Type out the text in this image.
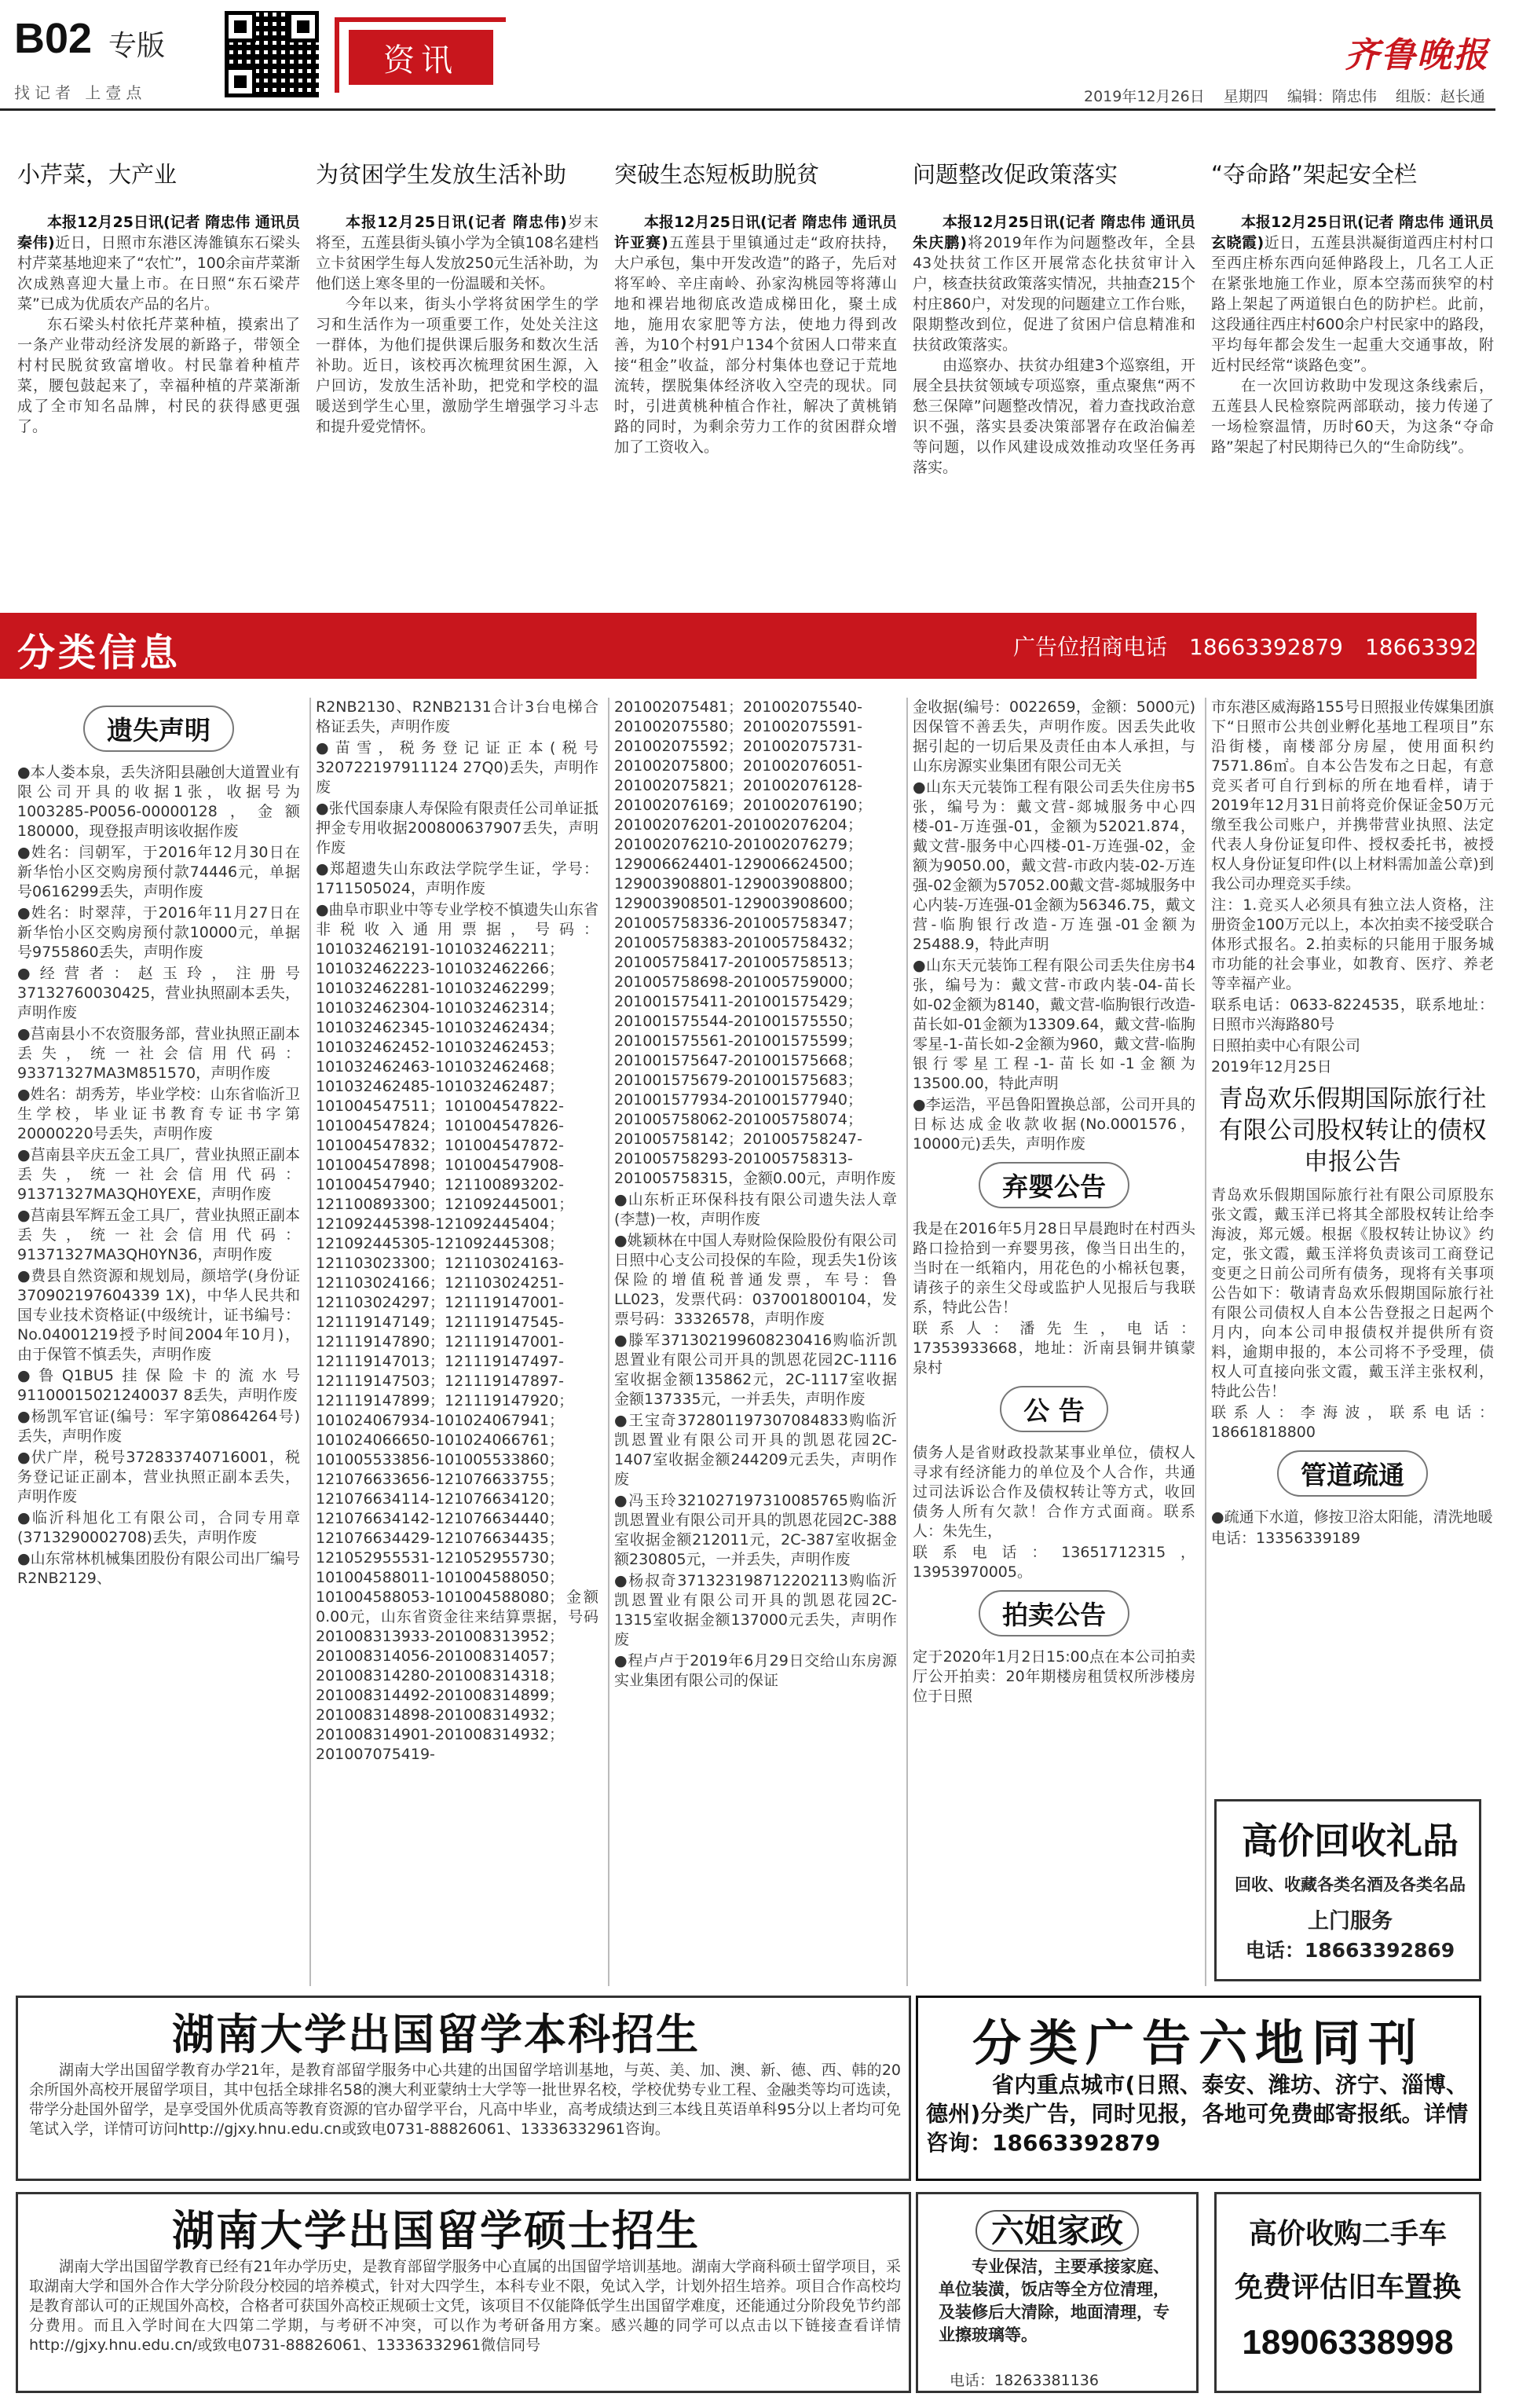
B02 专版	资讯
找记者 上壹点
齐鲁晚报
2019年12月26日 星期四 编辑：隋忠伟 组版：赵长通
小芹菜，大产业

本报12月25日讯(记者 隋忠伟 通讯员 秦伟)近日，日照市东港区涛雒镇东石梁头村芹菜基地迎来了“农忙”，100余亩芹菜渐次成熟喜迎大量上市。在日照“东石梁芹菜”已成为优质农产品的名片。

东石梁头村依托芹菜种植，摸索出了一条产业带动经济发展的新路子，带领全村村民脱贫致富增收。村民靠着种植芹菜，腰包鼓起来了，幸福种植的芹菜渐渐成了全市知名品牌，村民的获得感更强了。

为贫困学生发放生活补助

本报12月25日讯(记者 隋忠伟)岁末将至，五莲县街头镇小学为全镇108名建档立卡贫困学生每人发放250元生活补助，为他们送上寒冬里的一份温暖和关怀。

今年以来，街头小学将贫困学生的学习和生活作为一项重要工作，处处关注这一群体，为他们提供课后服务和数次生活补助。近日，该校再次梳理贫困生源，入户回访，发放生活补助，把党和学校的温暖送到学生心里，激励学生增强学习斗志和提升爱党情怀。

突破生态短板助脱贫

本报12月25日讯(记者 隋忠伟 通讯员 许亚赛)五莲县于里镇通过走“政府扶持，大户承包，集中开发改造”的路子，先后对将军岭、辛庄南岭、孙家沟桃园等将薄山地和裸岩地彻底改造成梯田化，聚土成地，施用农家肥等方法，使地力得到改善，为10个村91户134个贫困人口带来直接“租金”收益，部分村集体也登记于荒地流转，摆脱集体经济收入空壳的现状。同时，引进黄桃种植合作社，解决了黄桃销路的同时，为剩余劳力工作的贫困群众增加了工资收入。

问题整改促政策落实

本报12月25日讯(记者 隋忠伟 通讯员 朱庆鹏)将2019年作为问题整改年，全县43处扶贫工作区开展常态化扶贫审计入户，核查扶贫政策落实情况，共抽查215个村庄860户，对发现的问题建立工作台账，限期整改到位，促进了贫困户信息精准和扶贫政策落实。

由巡察办、扶贫办组建3个巡察组，开展全县扶贫领域专项巡察，重点聚焦“两不愁三保障”问题整改情况，着力查找政治意识不强，落实县委决策部署存在政治偏差等问题，以作风建设成效推动攻坚任务再落实。

“夺命路”架起安全栏

本报12月25日讯(记者 隋忠伟 通讯员 玄晓霞)近日，五莲县洪凝街道西庄村村口至西庄桥东西向延伸路段上，几名工人正在紧张地施工作业，原本空荡而狭窄的村路上架起了两道银白色的防护栏。此前，这段通往西庄村600余户村民家中的路段，平均每年都会发生一起重大交通事故，附近村民经常“谈路色变”。

在一次回访救助中发现这条线索后，五莲县人民检察院两部联动，接力传递了一场检察温情，历时60天，为这条“夺命路”架起了村民期待已久的“生命防线”。

分类信息	广告位招商电话 18663392879 18663392869
遗失声明

●本人娄本泉，丢失济阳县融创大道置业有限公司开具的收据1张，收据号为1003285-P0056-00000128，金额180000，现登报声明该收据作废

●姓名：闫朝军，于2016年12月30日在新华怡小区交购房预付款74446元，单据号0616299丢失，声明作废

●姓名：时翠萍，于2016年11月27日在新华怡小区交购房预付款10000元，单据号9755860丢失，声明作废

●经营者：赵玉玲，注册号37132760030425，营业执照副本丢失，声明作废

●莒南县小不农资服务部，营业执照正副本丢失，统一社会信用代码：93371327MA3M851570，声明作废

●姓名：胡秀芳，毕业学校：山东省临沂卫生学校，毕业证书教育专证书字第20000220号丢失，声明作废

●莒南县辛庆五金工具厂，营业执照正副本丢失，统一社会信用代码：91371327MA3QH0YEXE，声明作废

●莒南县军辉五金工具厂，营业执照正副本丢失，统一社会信用代码：91371327MA3QH0YN36，声明作废

●费县自然资源和规划局，颜培学(身份证370902197604339 1X)，中华人民共和国专业技术资格证(中级统计，证书编号：No.04001219授予时间2004年10月)，由于保管不慎丢失，声明作废

●鲁Q1BU5挂保险卡的流水号91100015021240037 8丢失，声明作废

●杨凯军官证(编号：军字第0864264号)丢失，声明作废

●伏广岸，税号372833740716001，税务登记证正副本，营业执照正副本丢失，声明作废

●临沂科旭化工有限公司，合同专用章(3713290002708)丢失，声明作废

●山东常林机械集团股份有限公司出厂编号R2NB2129、

R2NB2130、R2NB2131合计3台电梯合格证丢失，声明作废

●苗雪，税务登记证正本(税号320722197911124 27Q0)丢失，声明作废

●张代国泰康人寿保险有限责任公司单证抵押金专用收据200800637907丢失，声明作废

●郑超遗失山东政法学院学生证，学号：1711505024，声明作废

●曲阜市职业中等专业学校不慎遗失山东省非税收入通用票据，号码：101032462191-101032462211；101032462223-101032462266；101032462281-101032462299；101032462304-101032462314；101032462345-101032462434；101032462452-101032462453；101032462463-101032462468；101032462485-101032462487；101004547511；101004547822-101004547824；101004547826-101004547832；101004547872-101004547898；101004547908-101004547940；121100893202-121100893300；121092445001；121092445398-121092445404；121092445305-121092445308；121103023300；121103024163-121103024166；121103024251-121103024297；121119147001-121119147149；121119147545-121119147890；121119147001-121119147013；121119147497-121119147503；121119147897-121119147899；121119147920；101024067934-101024067941；101024066650-101024066761；101005533856-101005533860；121076633656-121076633755；121076634114-121076634120；121076634142-121076634440；121076634429-121076634435；121052955531-121052955730；101004588011-101004588050；101004588053-101004588080；金额0.00元，山东省资金往来结算票据，号码201008313933-201008313952；201008314056-201008314057；201008314280-201008314318；201008314492-201008314899；201008314898-201008314932；201008314901-201008314932；201007075419-

201002075481；201002075540-201002075580；201002075591-201002075592；201002075731-201002075800；201002076051-201002075821；201002076128-201002076169；201002076190；201002076201-201002076204；201002076210-201002076279；129006624401-129006624500；129003908801-129003908800；129003908501-129003908600；201005758336-201005758347；201005758383-201005758432；201005758417-201005758513；201005758698-201005759000；201001575411-201001575429；201001575544-201001575550；201001575561-201001575599；201001575647-201001575668；201001575679-201001575683；201001577934-201001577940；201005758062-201005758074；201005758142；201005758247-201005758293-201005758313-201005758315，金额0.00元，声明作废

●山东析正环保科技有限公司遗失法人章(李慧)一枚，声明作废

●姚颖林在中国人寿财险保险股份有限公司日照中心支公司投保的车险，现丢失1份该保险的增值税普通发票，车号：鲁LL023，发票代码：037001800104，发票号码：33326578，声明作废

●滕军371302199608230416购临沂凯恩置业有限公司开具的凯恩花园2C-1116室收据金额135862元，2C-1117室收据金额137335元，一并丢失，声明作废

●王宝奇372801197307084833购临沂凯恩置业有限公司开具的凯恩花园2C-1407室收据金额244209元丢失，声明作废

●冯玉玲321027197310085765购临沂凯恩置业有限公司开具的凯恩花园2C-388室收据金额212011元，2C-387室收据金额230805元，一并丢失，声明作废

●杨叔奇371323198712202113购临沂凯恩置业有限公司开具的凯恩花园2C-1315室收据金额137000元丢失，声明作废

●程卢卢于2019年6月29日交给山东房源实业集团有限公司的保证

金收据(编号：0022659，金额：5000元)因保管不善丢失，声明作废。因丢失此收据引起的一切后果及责任由本人承担，与山东房源实业集团有限公司无关

●山东天元装饰工程有限公司丢失住房书5张，编号为：戴文营-郯城服务中心四楼-01-万连强-01，金额为52021.874，戴文营-服务中心四楼-01-万连强-02，金额为9050.00，戴文营-市政内装-02-万连强-02金额为57052.00戴文营-郯城服务中心内装-万连强-01金额为56346.75，戴文营-临朐银行改造-万连强-01金额为25488.9，特此声明

●山东天元装饰工程有限公司丢失住房书4张，编号为：戴文营-市政内装-04-苗长如-02金额为8140，戴文营-临朐银行改造-苗长如-01金额为13309.64，戴文营-临朐零星-1-苗长如-2金额为960，戴文营-临朐银行零星工程-1-苗长如-1金额为13500.00，特此声明

●李运浩，平邑鲁阳置换总部，公司开具的日标达成金收款收据(No.0001576，10000元)丢失，声明作废

弃婴公告

我是在2016年5月28日早晨跑时在村西头路口捡拾到一弃婴男孩，像当日出生的，当时在一纸箱内，用花色的小棉袄包裹，请孩子的亲生父母或监护人见报后与我联系，特此公告！

联系人：潘先生，电话：17353933668，地址：沂南县铜井镇蒙泉村

公 告

债务人是省财政投款某事业单位，债权人寻求有经济能力的单位及个人合作，共通过司法诉讼合作及债权转让等方式，收回债务人所有欠款！合作方式面商。联系人：朱先生，

联系电话：13651712315，13953970005。

拍卖公告

定于2020年1月2日15:00点在本公司拍卖厅公开拍卖：20年期楼房租赁权所涉楼房位于日照

市东港区威海路155号日照报业传媒集团旗下“日照市公共创业孵化基地工程项目”东沿街楼，南楼部分房屋，使用面积约7571.86㎡。自本公告发布之日起，有意竞买者可自行到标的所在地看样，请于2019年12月31日前将竞价保证金50万元缴至我公司账户，并携带营业执照、法定代表人身份证复印件、授权委托书，被授权人身份证复印件(以上材料需加盖公章)到我公司办理竞买手续。

注：1.竞买人必须具有独立法人资格，注册资金100万元以上，本次拍卖不接受联合体形式报名。2.拍卖标的只能用于服务城市功能的社会事业，如教育、医疗、养老等幸福产业。

联系电话：0633-8224535，联系地址：日照市兴海路80号

日照拍卖中心有限公司

2019年12月25日

青岛欢乐假期国际旅行社有限公司股权转让的债权申报公告

青岛欢乐假期国际旅行社有限公司原股东张文霞，戴玉洋已将其全部股权转让给李海波，郑元媛。根据《股权转让协议》约定，张文霞，戴玉洋将负责该司工商登记变更之日前公司所有债务，现将有关事项公告如下：敬请青岛欢乐假期国际旅行社有限公司债权人自本公告登报之日起两个月内，向本公司申报债权并提供所有资料，逾期申报的，本公司将不予受理，债权人可直接向张文霞，戴玉洋主张权利，特此公告！

联系人：李海波，联系电话：18661818800

管道疏通

●疏通下水道，修按卫浴太阳能，清洗地暖

电话：13356339189

高价回收礼品
回收、收藏各类名酒及各类名品
上门服务
电话：18663392869
湖南大学出国留学本科招生
湖南大学出国留学教育办学21年，是教育部留学服务中心共建的出国留学培训基地，与英、美、加、澳、新、德、西、韩的20余所国外高校开展留学项目，其中包括全球排名58的澳大利亚蒙纳士大学等一批世界名校，学校优势专业工程、金融类等均可选读，带学分赴国外留学，是享受国外优质高等教育资源的官办留学平台，凡高中毕业，高考成绩达到三本线且英语单科95分以上者均可免笔试入学，详情可访问http://gjxy.hnu.edu.cn或致电0731-88826061、13336332961咨询。
湖南大学出国留学硕士招生
湖南大学出国留学教育已经有21年办学历史，是教育部留学服务中心直属的出国留学培训基地。湖南大学商科硕士留学项目，采取湖南大学和国外合作大学分阶段分校园的培养模式，针对大四学生，本科专业不限，免试入学，计划外招生培养。项目合作高校均是教育部认可的正规国外高校，合格者可获国外高校正规硕士文凭，该项目不仅能降低学生出国留学难度，还能通过分阶段免节约部分费用。而且入学时间在大四第二学期，与考研不冲突，可以作为考研备用方案。感兴趣的同学可以点击以下链接查看详情http://gjxy.hnu.edu.cn/或致电0731-88826061、13336332961微信同号
分类广告六地同刊
省内重点城市(日照、泰安、潍坊、济宁、淄博、德州)分类广告，同时见报，各地可免费邮寄报纸。详情咨询：18663392879
六姐家政
专业保洁，主要承接家庭、单位装潢，饭店等全方位清理，及装修后大清除，地面清理，专业擦玻璃等。
电话：18263381136
高价收购二手车
免费评估旧车置换
18906338998
